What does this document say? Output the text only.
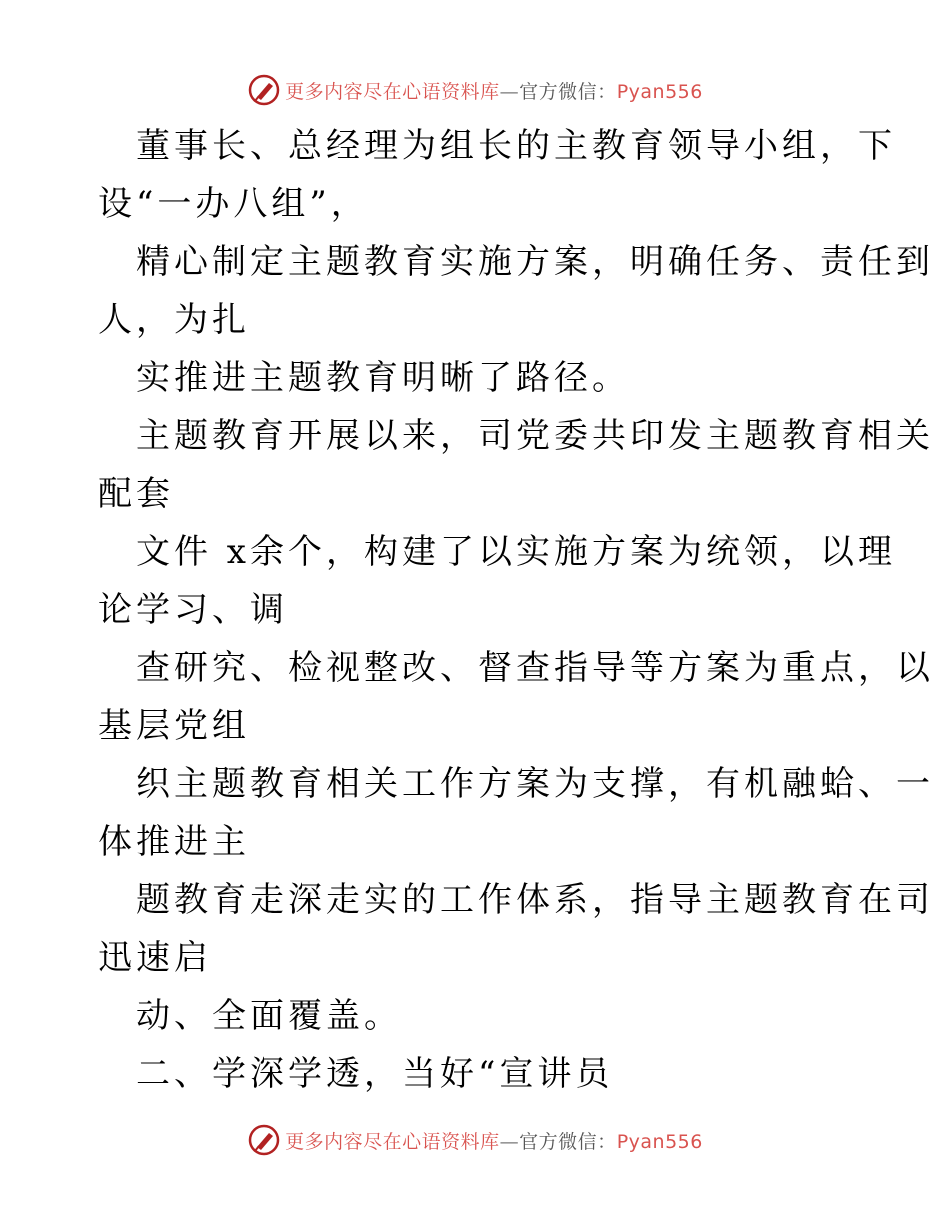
更多内容尽在心语资料库—官方微信：Pyan556
董事长、总经理为组长的主教育领导小组，下
设“一办八组”，
精心制定主题教育实施方案，明确任务、责任到
人，为扎
实推进主题教育明晰了路径。
主题教育开展以来，司党委共印发主题教育相关
配套
文件 x余个，构建了以实施方案为统领，以理
论学习、调
查研究、检视整改、督查指导等方案为重点，以
基层党组
织主题教育相关工作方案为支撑，有机融蛤、一
体推进主
题教育走深走实的工作体系，指导主题教育在司
迅速启
动、全面覆盖。
二、学深学透，当好“宣讲员
更多内容尽在心语资料库—官方微信：Pyan556
